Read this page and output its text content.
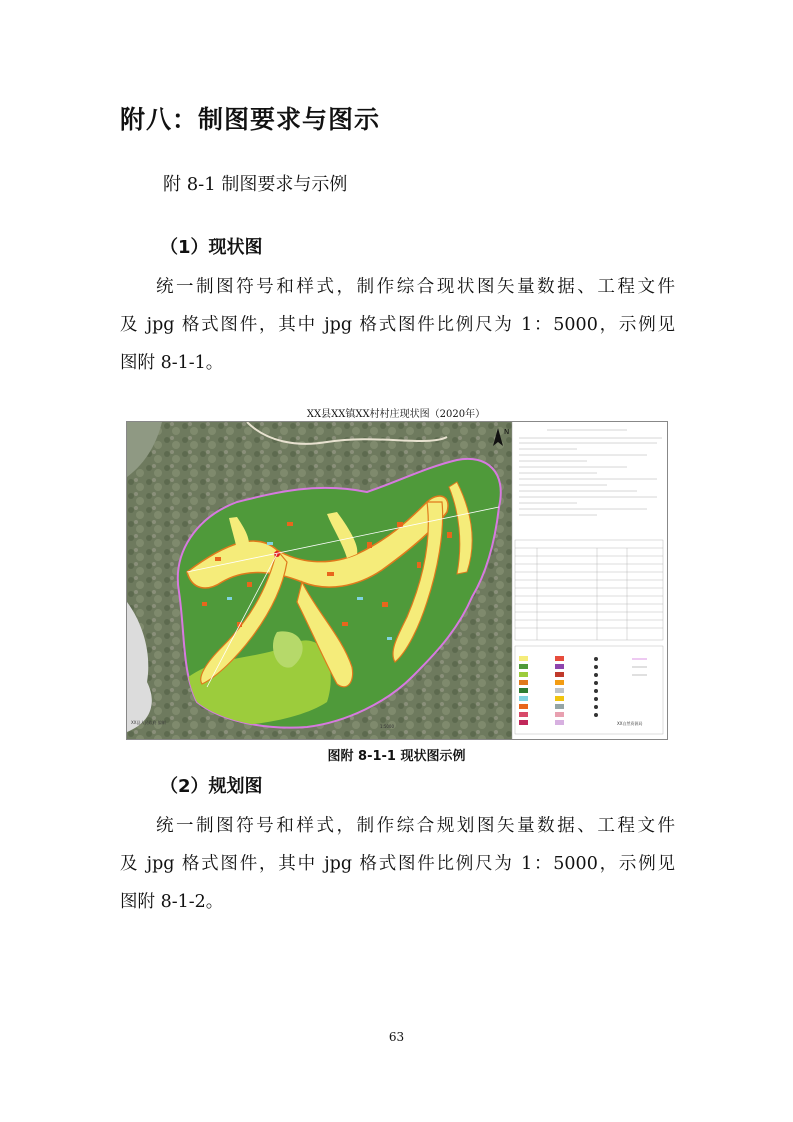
附八：制图要求与图示
附 8-1 制图要求与示例
（1）现状图
统一制图符号和样式，制作综合现状图矢量数据、工程文件
及 jpg 格式图件，其中 jpg 格式图件比例尺为 1：5000，示例见
图附 8-1-1。
XX县XX镇XX村村庄现状图（2020年）
N
XX县人民政府 编制
1:5000
XX自然资源局
图附 8-1-1 现状图示例
（2）规划图
统一制图符号和样式，制作综合规划图矢量数据、工程文件
及 jpg 格式图件，其中 jpg 格式图件比例尺为 1：5000，示例见
图附 8-1-2。
63
